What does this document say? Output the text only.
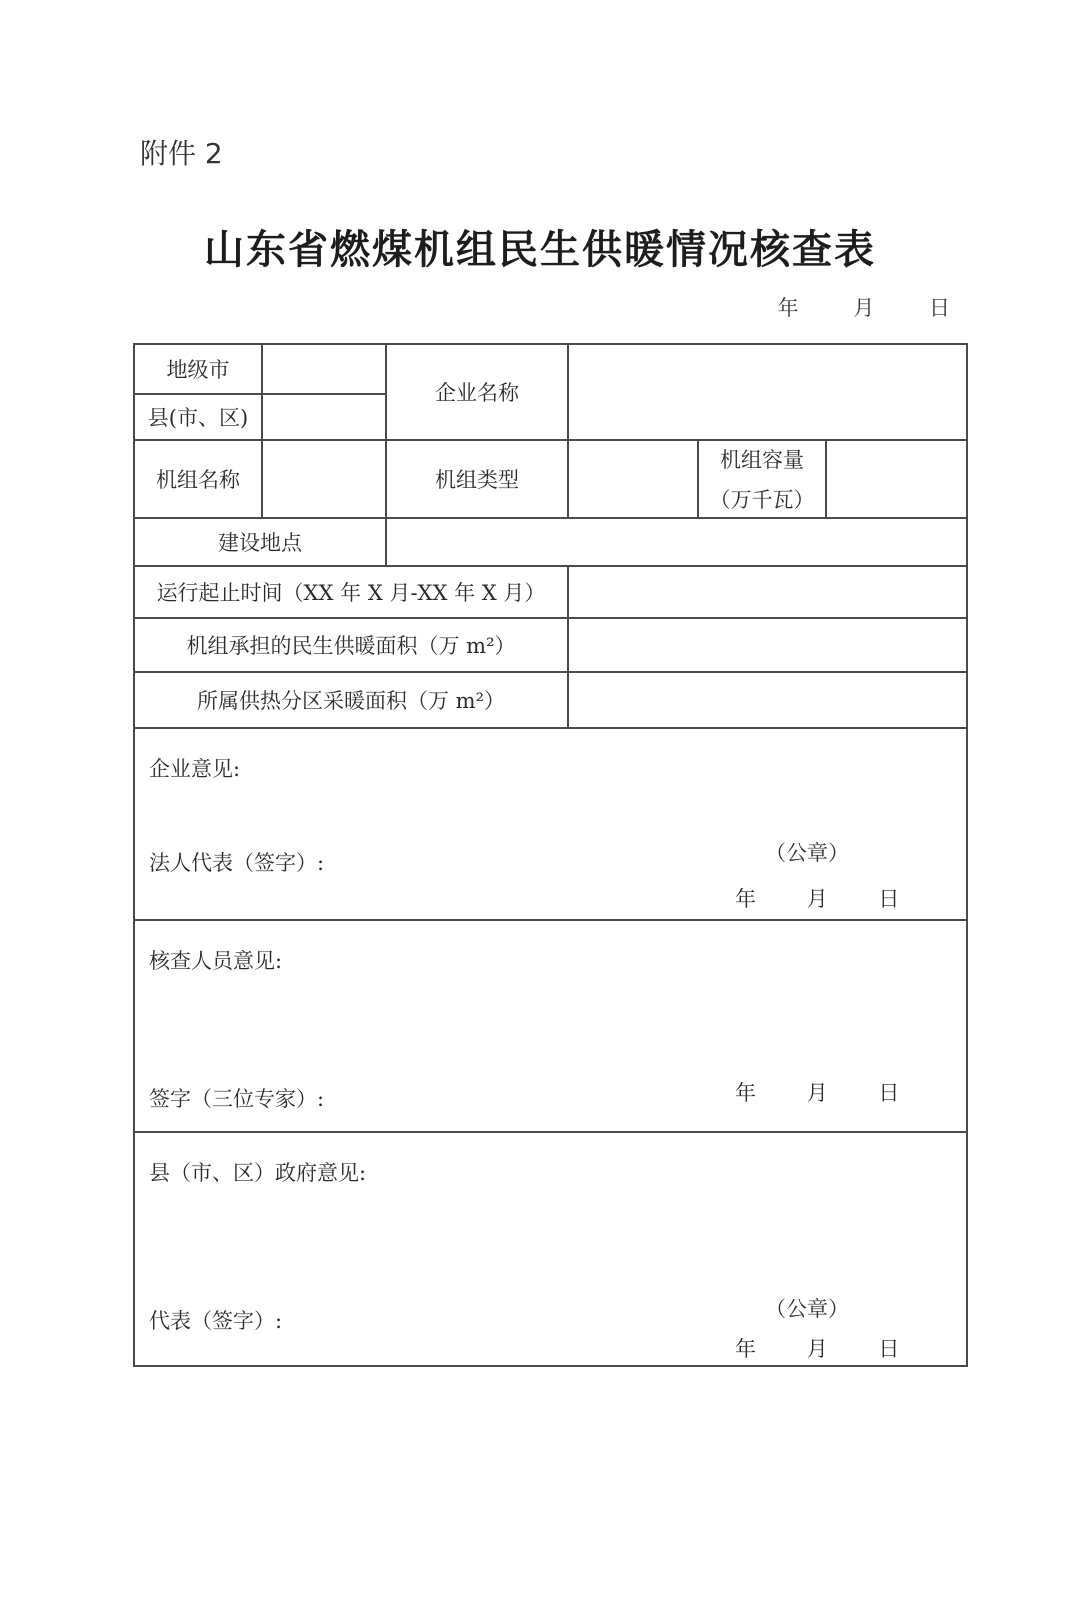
附件 2
山东省燃煤机组民生供暖情况核查表
年	月	日
地级市		企业名称			
县(市、区)					
机组名称		机组类型		机组容量
（万千瓦）	

建设地点					
运行起止时间（XX 年 X 月-XX 年 X 月）					
机组承担的民生供暖面积（万 m²）					
所属供热分区采暖面积（万 m²）					

企业意见:
法人代表（签字）: （公章）
年 月 日					

核查人员意见:
签字（三位专家）: 年 月 日					

县（市、区）政府意见:
代表（签字）: （公章）
年 月 日					
